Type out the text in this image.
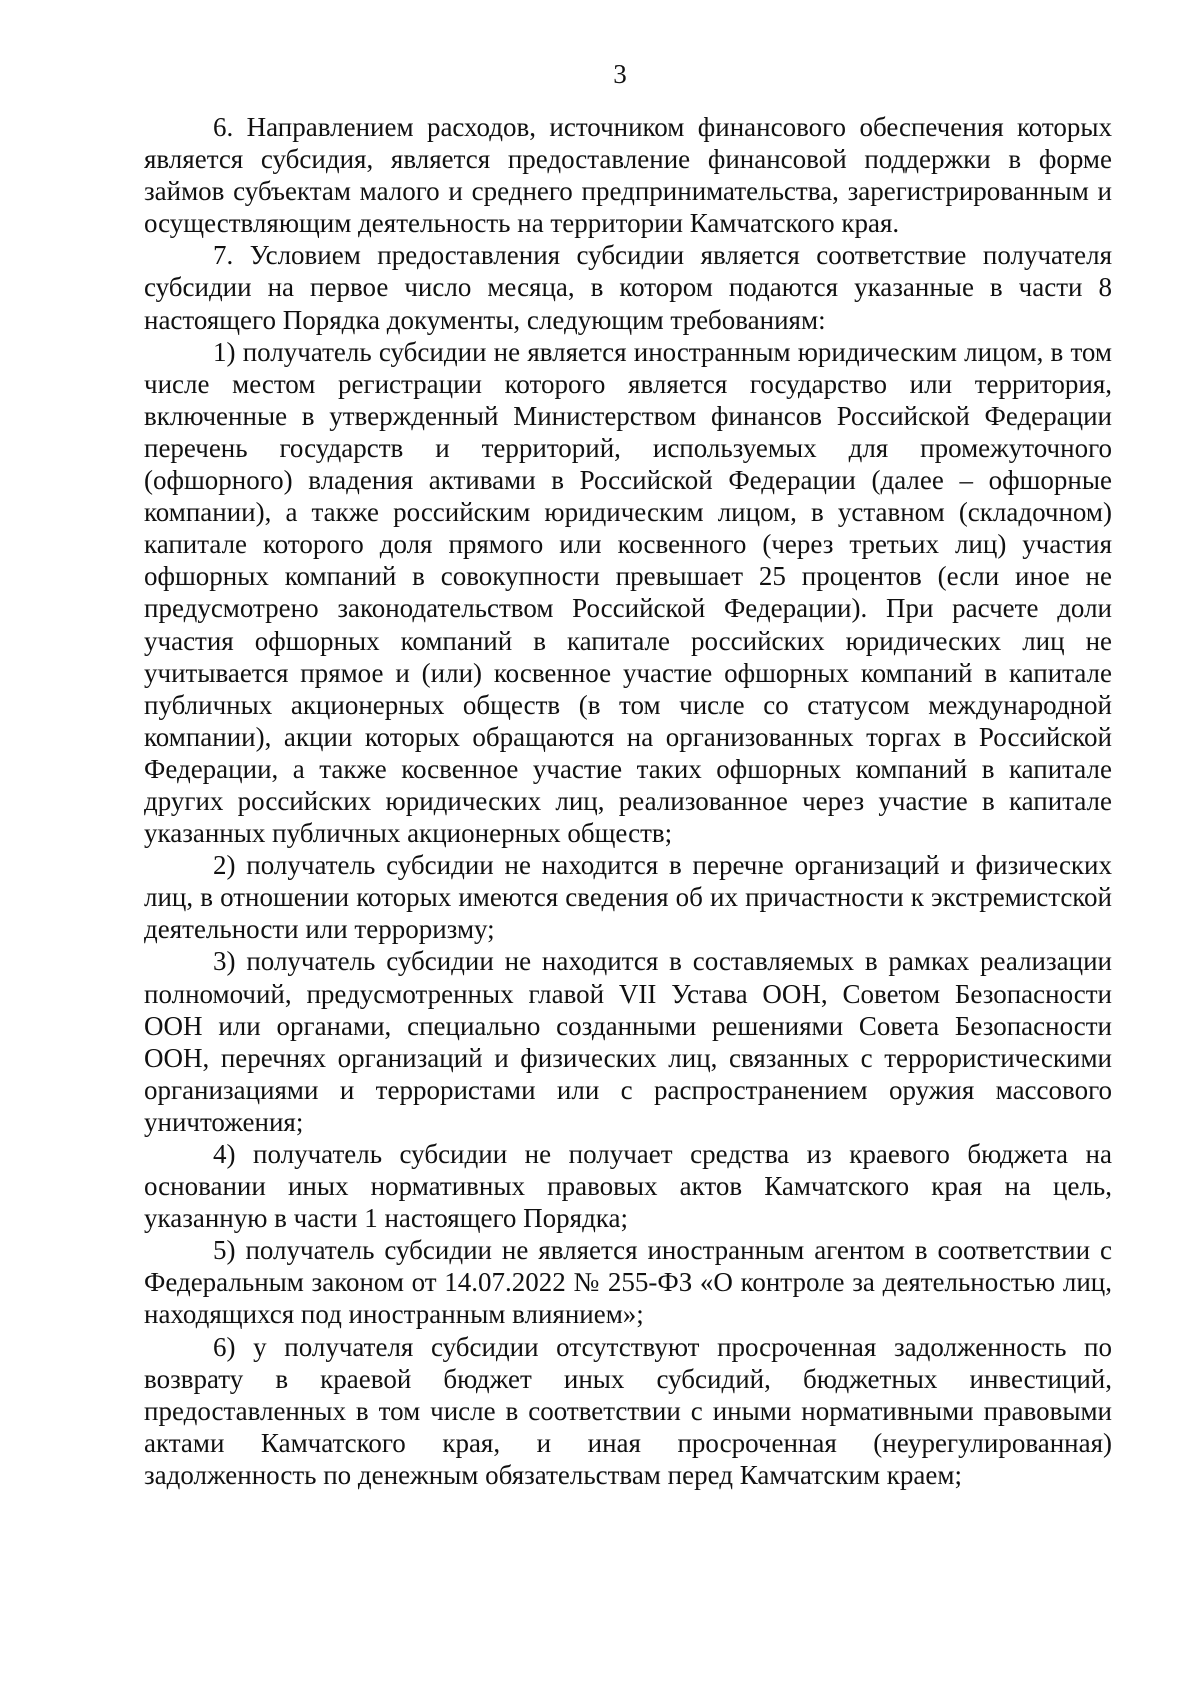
3

6. Направлением расходов, источником финансового обеспечения которых является субсидия, является предоставление финансовой поддержки в форме займов субъектам малого и среднего предпринимательства, зарегистрированным и осуществляющим деятельность на территории Камчатского края.

7. Условием предоставления субсидии является соответствие получателя субсидии на первое число месяца, в котором подаются указанные в части 8 настоящего Порядка документы, следующим требованиям:

1) получатель субсидии не является иностранным юридическим лицом, в том числе местом регистрации которого является государство или территория, включенные в утвержденный Министерством финансов Российской Федерации перечень государств и территорий, используемых для промежуточного (офшорного) владения активами в Российской Федерации (далее – офшорные компании), а также российским юридическим лицом, в уставном (складочном) капитале которого доля прямого или косвенного (через третьих лиц) участия офшорных компаний в совокупности превышает 25 процентов (если иное не предусмотрено законодательством Российской Федерации). При расчете доли участия офшорных компаний в капитале российских юридических лиц не учитывается прямое и (или) косвенное участие офшорных компаний в капитале публичных акционерных обществ (в том числе со статусом международной компании), акции которых обращаются на организованных торгах в Российской Федерации, а также косвенное участие таких офшорных компаний в капитале других российских юридических лиц, реализованное через участие в капитале указанных публичных акционерных обществ;

2) получатель субсидии не находится в перечне организаций и физических лиц, в отношении которых имеются сведения об их причастности к экстремистской деятельности или терроризму;

3) получатель субсидии не находится в составляемых в рамках реализации полномочий, предусмотренных главой VII Устава ООН, Советом Безопасности ООН или органами, специально созданными решениями Совета Безопасности ООН, перечнях организаций и физических лиц, связанных с террористическими организациями и террористами или с распространением оружия массового уничтожения;

4) получатель субсидии не получает средства из краевого бюджета на основании иных нормативных правовых актов Камчатского края на цель, указанную в части 1 настоящего Порядка;

5) получатель субсидии не является иностранным агентом в соответствии с Федеральным законом от 14.07.2022 № 255-ФЗ «О контроле за деятельностью лиц, находящихся под иностранным влиянием»;

6) у получателя субсидии отсутствуют просроченная задолженность по возврату в краевой бюджет иных субсидий, бюджетных инвестиций, предоставленных в том числе в соответствии с иными нормативными правовыми актами Камчатского края, и иная просроченная (неурегулированная) задолженность по денежным обязательствам перед Камчатским краем;
